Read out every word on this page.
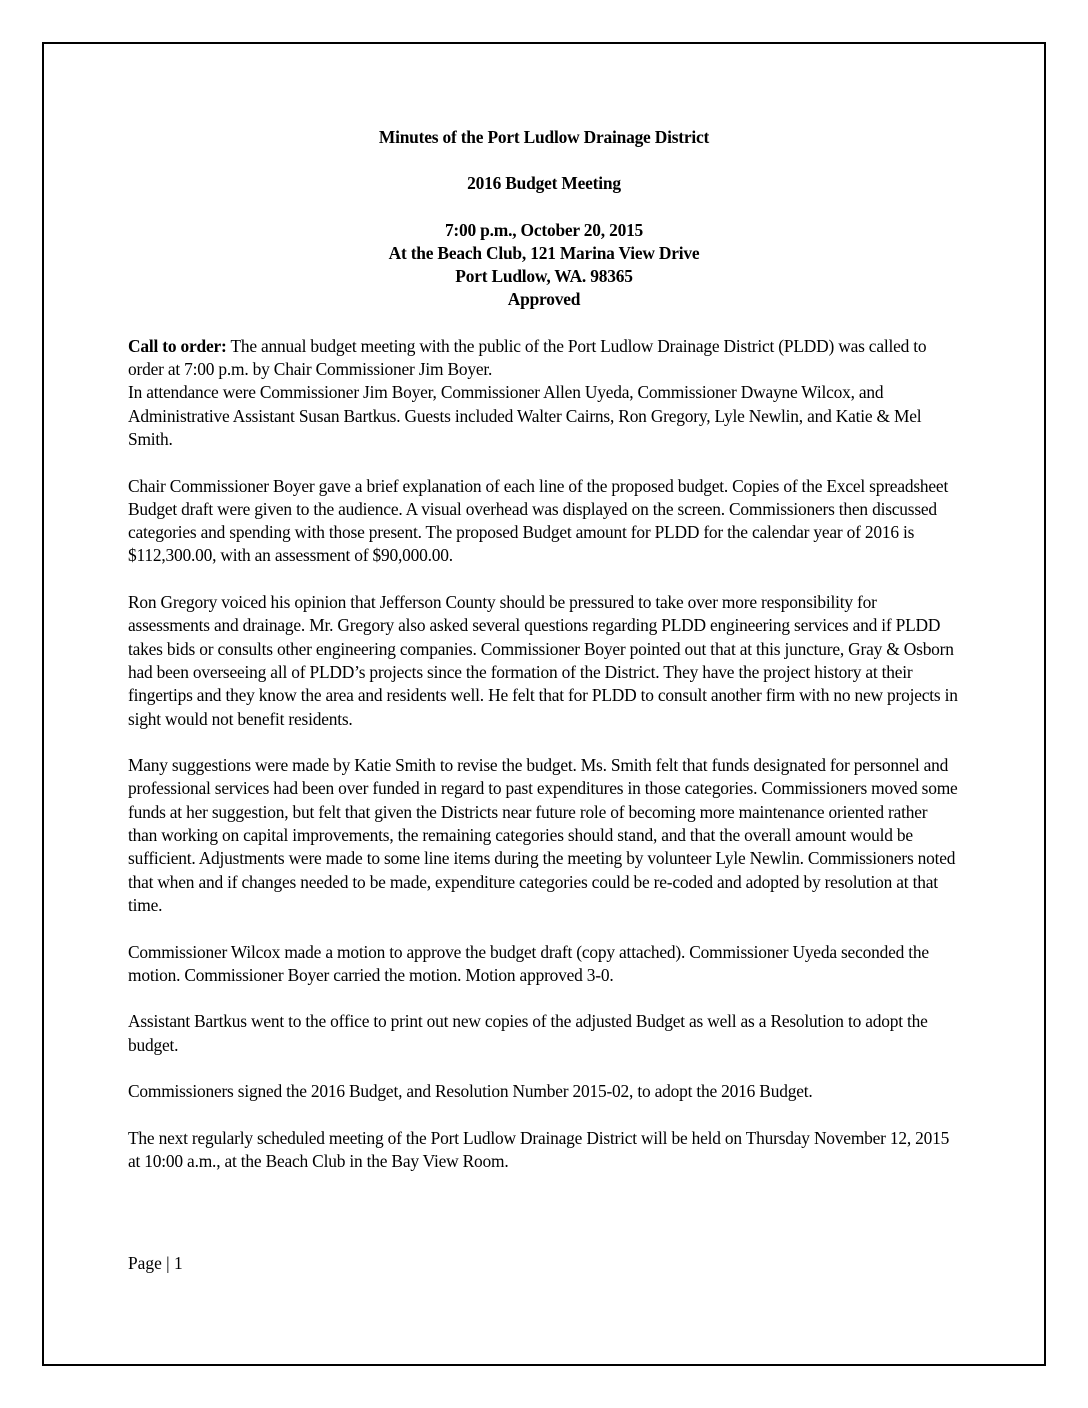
Minutes of the Port Ludlow Drainage District

2016 Budget Meeting

7:00 p.m., October 20, 2015

At the Beach Club, 121 Marina View Drive

Port Ludlow, WA. 98365

Approved

Call to order: The annual budget meeting with the public of the Port Ludlow Drainage District (PLDD) was called to order at 7:00 p.m. by Chair Commissioner Jim Boyer.

In attendance were Commissioner Jim Boyer, Commissioner Allen Uyeda, Commissioner Dwayne Wilcox, and Administrative Assistant Susan Bartkus. Guests included Walter Cairns, Ron Gregory, Lyle Newlin, and Katie & Mel Smith.

Chair Commissioner Boyer gave a brief explanation of each line of the proposed budget. Copies of the Excel spreadsheet Budget draft were given to the audience. A visual overhead was displayed on the screen. Commissioners then discussed categories and spending with those present. The proposed Budget amount for PLDD for the calendar year of 2016 is $112,300.00, with an assessment of $90,000.00.

Ron Gregory voiced his opinion that Jefferson County should be pressured to take over more responsibility for assessments and drainage. Mr. Gregory also asked several questions regarding PLDD engineering services and if PLDD takes bids or consults other engineering companies. Commissioner Boyer pointed out that at this juncture, Gray & Osborn had been overseeing all of PLDD’s projects since the formation of the District. They have the project history at their fingertips and they know the area and residents well. He felt that for PLDD to consult another firm with no new projects in sight would not benefit residents.

Many suggestions were made by Katie Smith to revise the budget. Ms. Smith felt that funds designated for personnel and professional services had been over funded in regard to past expenditures in those categories. Commissioners moved some funds at her suggestion, but felt that given the Districts near future role of becoming more maintenance oriented rather than working on capital improvements, the remaining categories should stand, and that the overall amount would be sufficient. Adjustments were made to some line items during the meeting by volunteer Lyle Newlin. Commissioners noted that when and if changes needed to be made, expenditure categories could be re-coded and adopted by resolution at that time.

Commissioner Wilcox made a motion to approve the budget draft (copy attached). Commissioner Uyeda seconded the motion. Commissioner Boyer carried the motion. Motion approved 3-0.

Assistant Bartkus went to the office to print out new copies of the adjusted Budget as well as a Resolution to adopt the budget.

Commissioners signed the 2016 Budget, and Resolution Number 2015-02, to adopt the 2016 Budget.

The next regularly scheduled meeting of the Port Ludlow Drainage District will be held on Thursday November 12, 2015 at 10:00 a.m., at the Beach Club in the Bay View Room.

Page | 1
